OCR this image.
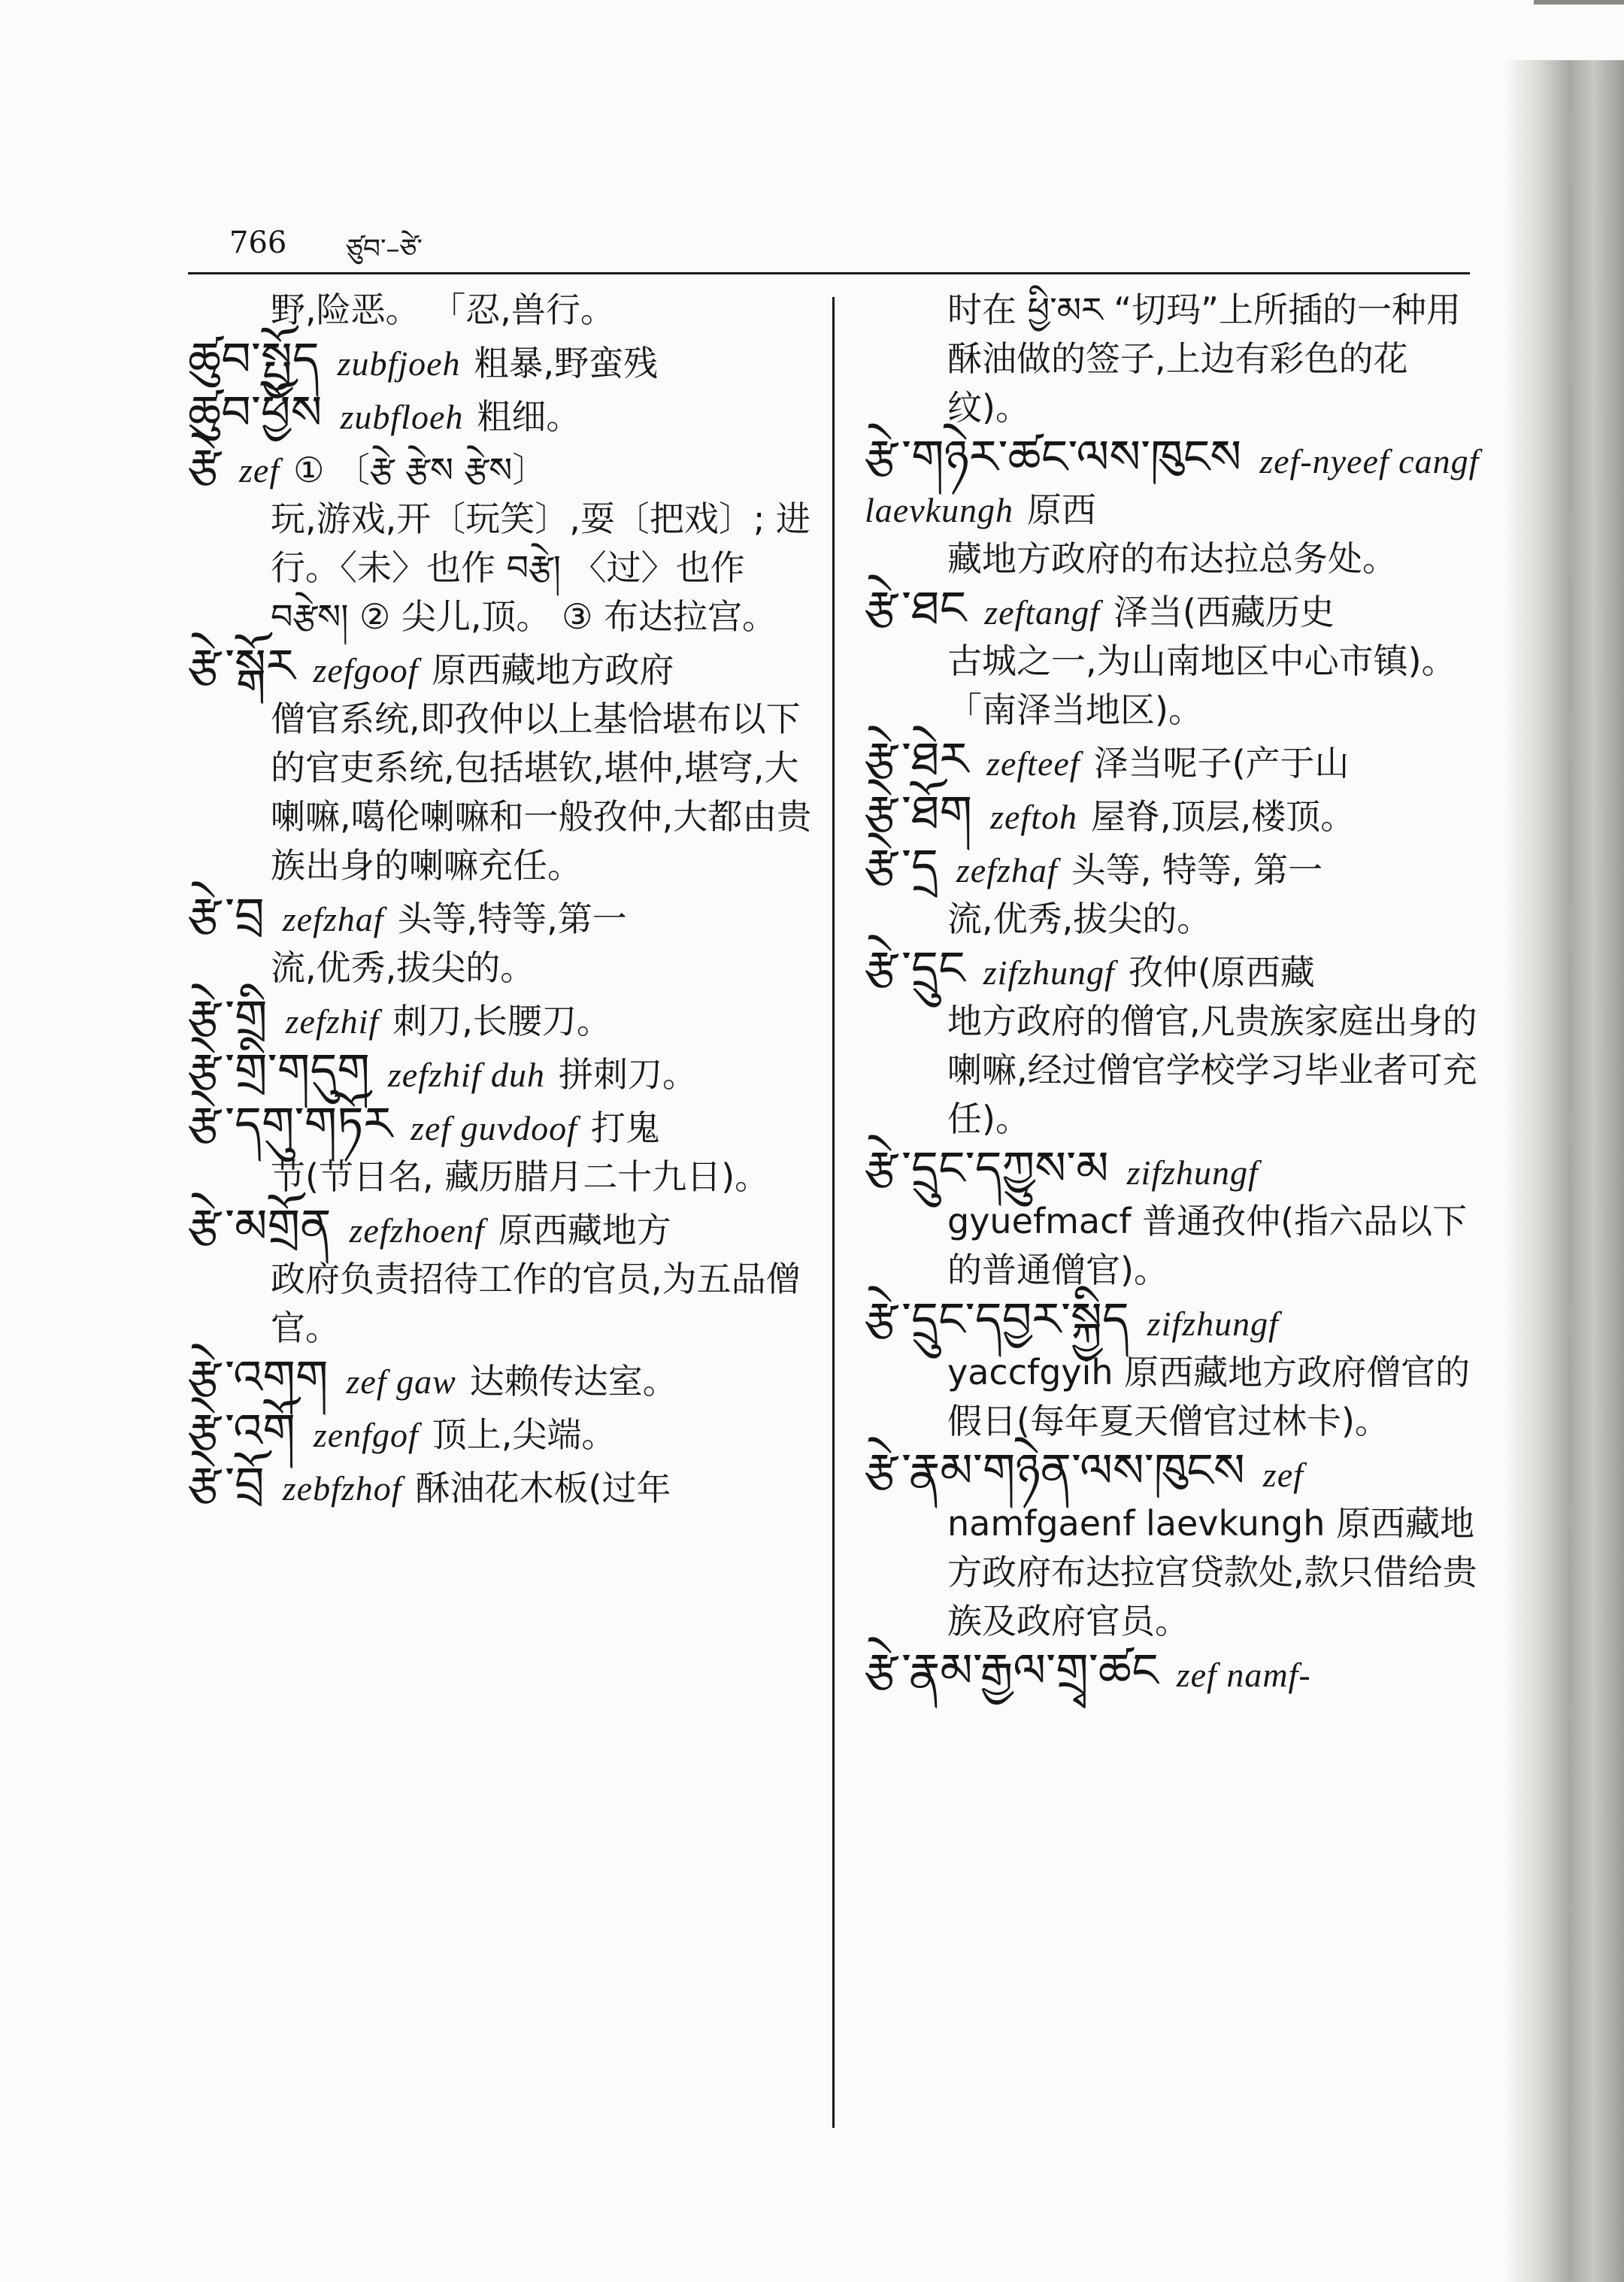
766 ཙུབ་–ཙེ་
野,险恶。 「忍,兽行。

ཚུབ་སྤྱོད zubfjoeh 粗暴,野蛮残

ཚུབ་ཕྱོས zubfloeh 粗细。

རྩེ zef ① 〔རྩེ རྩེས རྩེས〕
玩,游戏,开〔玩笑〕,耍〔把戏〕; 进行。〈未〉也作 བརྩེ། 〈过〉也作 བརྩེས། ② 尖儿,顶。 ③ 布达拉宫。

རྩེ་སྒོར zefgoof 原西藏地方政府
僧官系统,即孜仲以上基恰堪布以下的官吏系统,包括堪钦,堪仲,堪穹,大喇嘛,噶伦喇嘛和一般孜仲,大都由贵族出身的喇嘛充任。

རྩེ་བྲ zefzhaf 头等,特等,第一
流,优秀,拔尖的。

རྩེ་གྲི zefzhif 刺刀,长腰刀。

རྩེ་གྲི་གདུག zefzhif duh 拼刺刀。

རྩེ་དགུ་གཏོར zef guvdoof 打鬼
节(节日名, 藏历腊月二十九日)。

རྩེ་མགྲོན zefzhoenf 原西藏地方
政府负责招待工作的官员,为五品僧官。

རྩེ་འགག zef gaw 达赖传达室。

རྩེ་འགོ zenfgof 顶上,尖端。

རྩེ་བྲོ zebfzhof 酥油花木板(过年

时在 ཕྱི་མར “切玛”上所插的一种用酥油做的签子,上边有彩色的花纹)。

རྩེ་གཉེར་ཚང་ལས་ཁུངས zef-nyeef cangf laevkungh 原西
藏地方政府的布达拉总务处。

རྩེ་ཐང zeftangf 泽当(西藏历史
古城之一,为山南地区中心市镇)。 「南泽当地区)。

རྩེ་ཐེར zefteef 泽当呢子(产于山

རྩེ་ཐོག zeftoh 屋脊,顶层,楼顶。

རྩེ་དྲ zefzhaf 头等, 特等, 第一
流,优秀,拔尖的。

རྩེ་དྲུང zifzhungf 孜仲(原西藏
地方政府的僧官,凡贵族家庭出身的喇嘛,经过僧官学校学习毕业者可充任)。

རྩེ་དྲུང་དཀྱུས་མ zifzhungf
gyuefmacf 普通孜仲(指六品以下的普通僧官)。

རྩེ་དྲུང་དབྱར་སྐྱིད zifzhungf
yaccfgyih 原西藏地方政府僧官的假日(每年夏天僧官过林卡)。

རྩེ་རྣམ་གཉེན་ལས་ཁུངས zef
namfgaenf laevkungh 原西藏地方政府布达拉宫贷款处,款只借给贵族及政府官员。

རྩེ་རྣམ་རྒྱལ་གྲྭ་ཚང zef namf-
